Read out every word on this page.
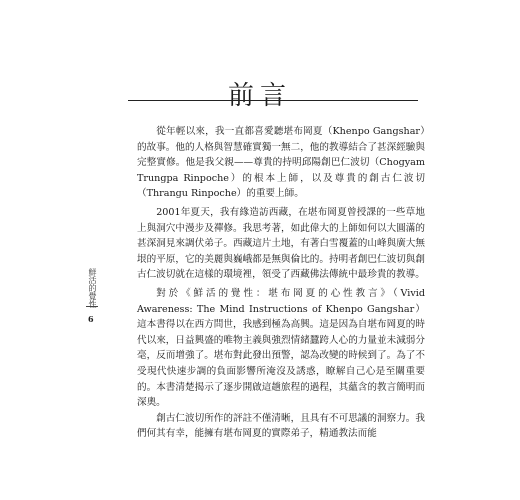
前言
鮮活的覺性
6

從年輕以來，我一直都喜愛聽堪布岡夏（Khenpo Gangshar）的故事。他的人格與智慧確實獨一無二，他的教導結合了甚深經驗與完整實修。他是我父親——尊貴的持明邱陽創巴仁波切（Chogyam Trungpa Rinpoche）的根本上師，以及尊貴的創古仁波切（Thrangu Rinpoche）的重要上師。

2001年夏天，我有緣造訪西藏，在堪布岡夏曾授課的一些草地上與洞穴中漫步及禪修。我思考著，如此偉大的上師如何以大圓滿的甚深洞見來調伏弟子。西藏這片土地，有著白雪覆蓋的山峰與廣大無垠的平原，它的美麗與巍峨都是無與倫比的。持明者創巴仁波切與創古仁波切就在這樣的環境裡，領受了西藏佛法傳統中最珍貴的教導。

對於《鮮活的覺性：堪布岡夏的心性教言》（Vivid Awareness: The Mind Instructions of Khenpo Gangshar）這本書得以在西方問世，我感到極為高興。這是因為自堪布岡夏的時代以來，日益興盛的唯物主義與強烈情緒蠶跨人心的力量並未減弱分毫，反而增強了。堪布對此發出預警，認為改變的時候到了。為了不受現代快速步調的負面影響所淹沒及誘惑，瞭解自己心是至關重要的。本書清楚揭示了逐步開啟這趟旅程的過程，其蘊含的教言簡明而深奧。

創古仁波切所作的評註不僅清晰，且具有不可思議的洞察力。我們何其有幸，能擁有堪布岡夏的實際弟子，精通教法而能
